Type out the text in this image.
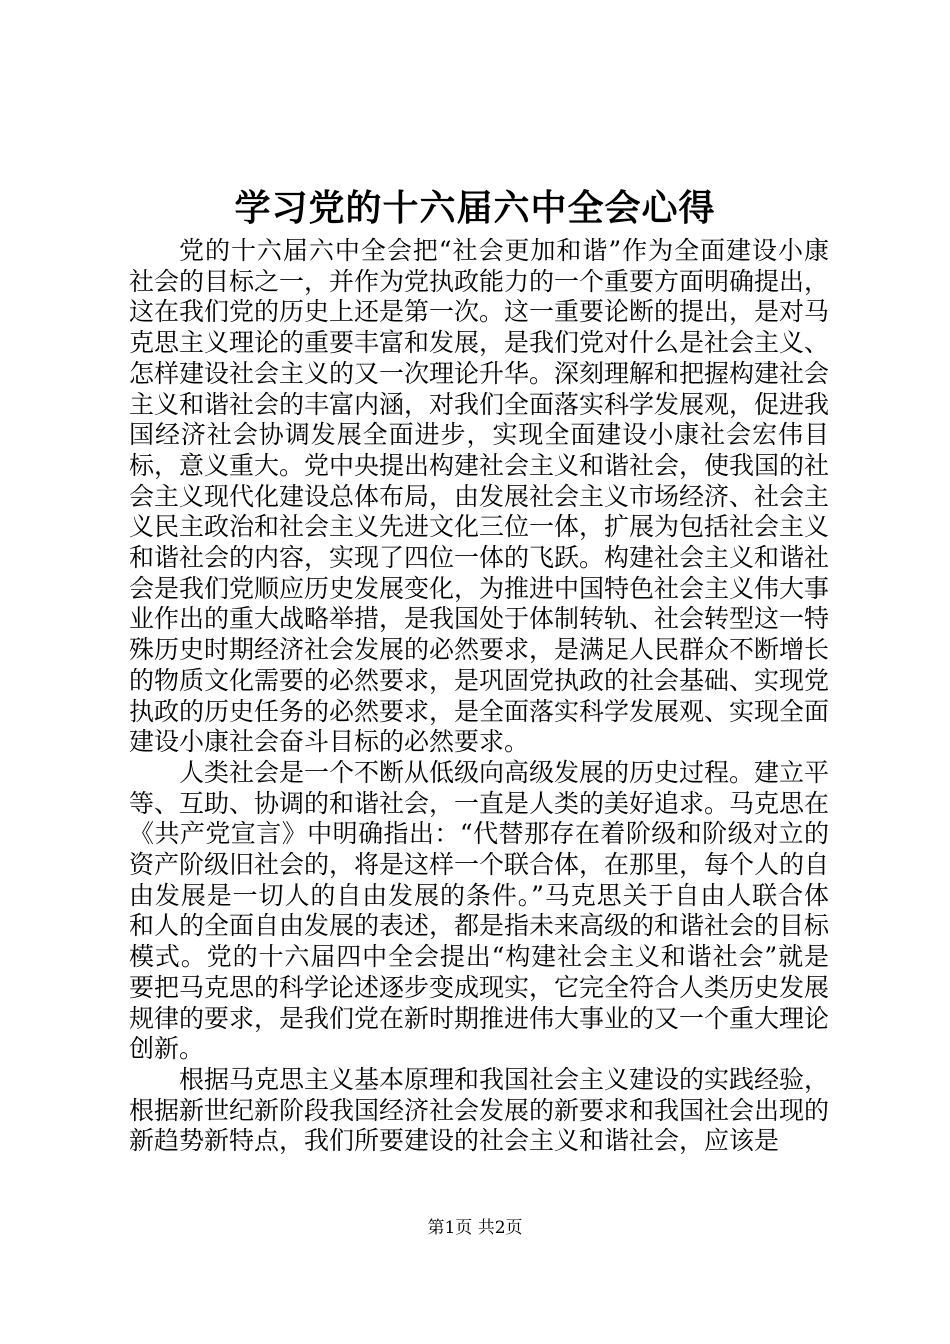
学习党的十六届六中全会心得

党的十六届六中全会把“社会更加和谐”作为全面建设小康社会的目标之一，并作为党执政能力的一个重要方面明确提出，这在我们党的历史上还是第一次。这一重要论断的提出，是对马克思主义理论的重要丰富和发展，是我们党对什么是社会主义、怎样建设社会主义的又一次理论升华。深刻理解和把握构建社会主义和谐社会的丰富内涵，对我们全面落实科学发展观，促进我国经济社会协调发展全面进步，实现全面建设小康社会宏伟目标，意义重大。党中央提出构建社会主义和谐社会，使我国的社会主义现代化建设总体布局，由发展社会主义市场经济、社会主义民主政治和社会主义先进文化三位一体，扩展为包括社会主义和谐社会的内容，实现了四位一体的飞跃。构建社会主义和谐社会是我们党顺应历史发展变化，为推进中国特色社会主义伟大事业作出的重大战略举措，是我国处于体制转轨、社会转型这一特殊历史时期经济社会发展的必然要求，是满足人民群众不断增长的物质文化需要的必然要求，是巩固党执政的社会基础、实现党执政的历史任务的必然要求，是全面落实科学发展观、实现全面建设小康社会奋斗目标的必然要求。

人类社会是一个不断从低级向高级发展的历史过程。建立平等、互助、协调的和谐社会，一直是人类的美好追求。马克思在《共产党宣言》中明确指出：“代替那存在着阶级和阶级对立的资产阶级旧社会的，将是这样一个联合体，在那里，每个人的自由发展是一切人的自由发展的条件。”马克思关于自由人联合体和人的全面自由发展的表述，都是指未来高级的和谐社会的目标模式。党的十六届四中全会提出“构建社会主义和谐社会”就是要把马克思的科学论述逐步变成现实，它完全符合人类历史发展规律的要求，是我们党在新时期推进伟大事业的又一个重大理论创新。

根据马克思主义基本原理和我国社会主义建设的实践经验，根据新世纪新阶段我国经济社会发展的新要求和我国社会出现的新趋势新特点，我们所要建设的社会主义和谐社会，应该是

第1页 共2页
